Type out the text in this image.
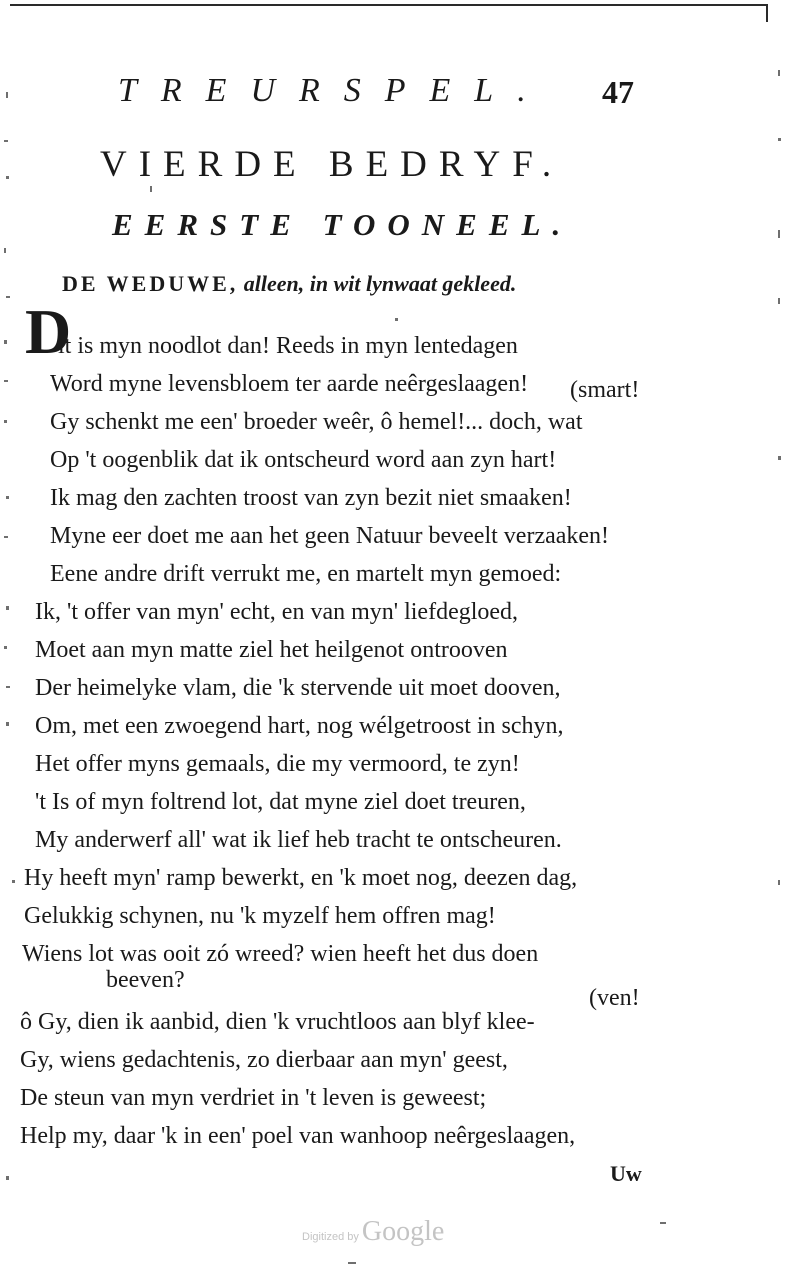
TREURSPEL. 47
VIERDE BEDRYF.
EERSTE TOONEEL.
DE WEDUWE, alleen, in wit lynwaat gekleed.
D
it is myn noodlot dan! Reeds in myn lentedagen
Word myne levensbloem ter aarde neêrgeslaagen!
Gy schenkt me een' broeder weêr, ô hemel!... doch, wat
Op 't oogenblik dat ik ontscheurd word aan zyn hart!
Ik mag den zachten troost van zyn bezit niet smaaken!
Myne eer doet me aan het geen Natuur beveelt verzaaken!
Eene andre drift verrukt me, en martelt myn gemoed:
Ik, 't offer van myn' echt, en van myn' liefdegloed,
Moet aan myn matte ziel het heilgenot ontrooven
Der heimelyke vlam, die 'k stervende uit moet dooven,
Om, met een zwoegend hart, nog wélgetroost in schyn,
Het offer myns gemaals, die my vermoord, te zyn!
't Is of myn foltrend lot, dat myne ziel doet treuren,
My anderwerf all' wat ik lief heb tracht te ontscheuren.
Hy heeft myn' ramp bewerkt, en 'k moet nog, deezen dag,
Gelukkig schynen, nu 'k myzelf hem offren mag!
Wiens lot was ooit zó wreed? wien heeft het dus doen
beeven?
ô Gy, dien ik aanbid, dien 'k vruchtloos aan blyf klee-
Gy, wiens gedachtenis, zo dierbaar aan myn' geest,
De steun van myn verdriet in 't leven is geweest;
Help my, daar 'k in een' poel van wanhoop neêrgeslaagen,
(smart!
(ven!
Uw
Digitized by Google
